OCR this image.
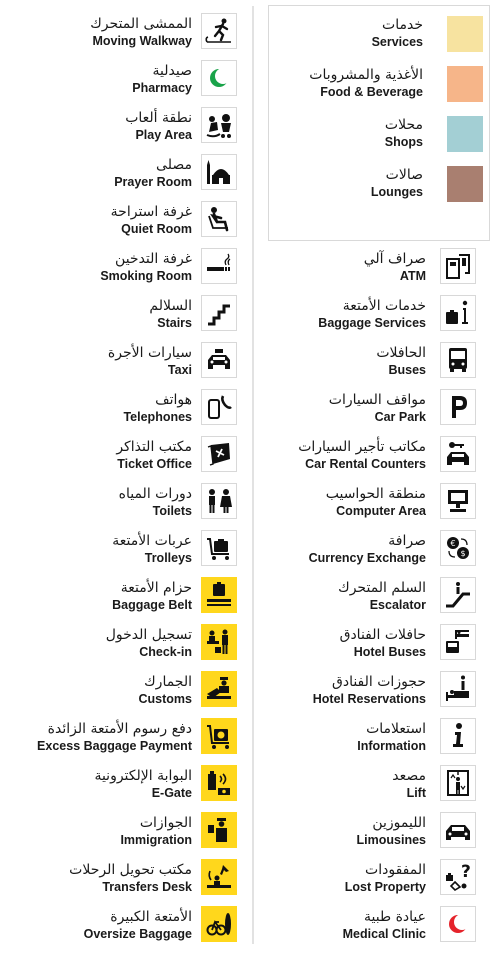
خدمات
Services
الأغذية والمشروبات
Food & Beverage
محلات
Shops
صالات
Lounges
الممشى المتحرك
Moving Walkway
صيدلية
Pharmacy
نطقة ألعاب
Play Area
مصلى
Prayer Room
غرفة استراحة
Quiet Room
غرفة التدخين
Smoking Room
السلالم
Stairs
سيارات الأجرة
Taxi
هواتف
Telephones
مكتب التذاكر
Ticket Office
دورات المياه
Toilets
عربات الأمتعة
Trolleys
حزام الأمتعة
Baggage Belt
تسجيل الدخول
Check-in
الجمارك
Customs
دفع رسوم الأمتعة الزائدة
Excess Baggage Payment
البوابة الإلكترونية
E-Gate
الجوازات
Immigration
مكتب تحويل الرحلات
Transfers Desk
الأمتعة الكبيرة
Oversize Baggage
صراف آلي
ATM
خدمات الأمتعة
Baggage Services
الحافلات
Buses
مواقف السيارات
Car Park
مكاتب تأجير السيارات
Car Rental Counters
منطقة الحواسيب
Computer Area
صرافة
Currency Exchange
€
$
السلم المتحرك
Escalator
حافلات الفنادق
Hotel Buses
حجوزات الفنادق
Hotel Reservations
استعلامات
Information
مصعد
Lift
الليموزين
Limousines
المفقودات
Lost Property
?
عيادة طبية
Medical Clinic
